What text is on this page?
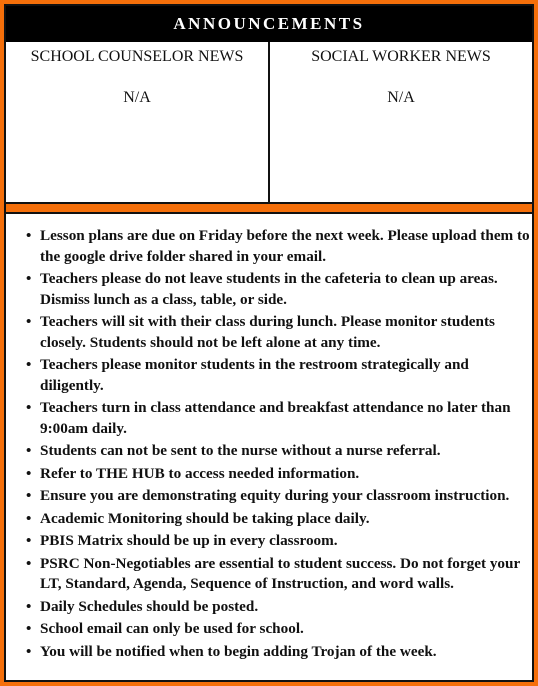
ANNOUNCEMENTS
SCHOOL COUNSELOR NEWS
N/A
SOCIAL WORKER NEWS
N/A
• Lesson plans are due on Friday before the next week. Please upload them to the google drive folder shared in your email.
• Teachers please do not leave students in the cafeteria to clean up areas. Dismiss lunch as a class, table, or side.
• Teachers will sit with their class during lunch. Please monitor students closely. Students should not be left alone at any time.
• Teachers please monitor students in the restroom strategically and diligently.
• Teachers turn in class attendance and breakfast attendance no later than 9:00am daily.
• Students can not be sent to the nurse without a nurse referral.
• Refer to THE HUB to access needed information.
• Ensure you are demonstrating equity during your classroom instruction.
• Academic Monitoring should be taking place daily.
• PBIS Matrix should be up in every classroom.
• PSRC Non-Negotiables are essential to student success. Do not forget your LT, Standard, Agenda, Sequence of Instruction, and word walls.
• Daily Schedules should be posted.
• School email can only be used for school.
• You will be notified when to begin adding Trojan of the week.
